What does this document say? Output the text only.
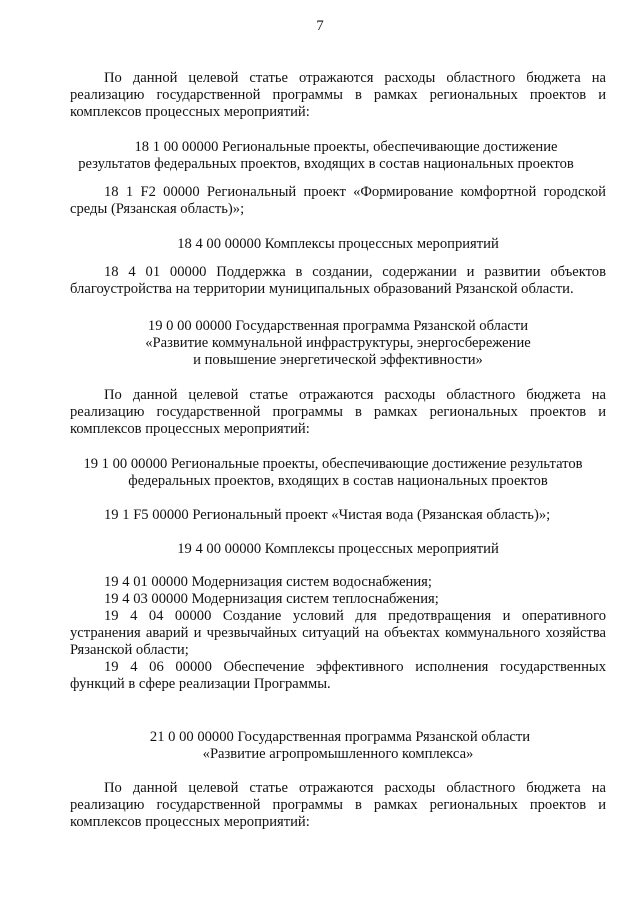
7

По данной целевой статье отражаются расходы областного бюджета на реализацию государственной программы в рамках региональных проектов и комплексов процессных мероприятий:

18 1 00 00000 Региональные проекты, обеспечивающие достижение
результатов федеральных проектов, входящих в состав национальных проектов

18 1 F2 00000 Региональный проект «Формирование комфортной городской среды (Рязанская область)»;

18 4 00 00000 Комплексы процессных мероприятий

18 4 01 00000 Поддержка в создании, содержании и развитии объектов благоустройства на территории муниципальных образований Рязанской области.

19 0 00 00000 Государственная программа Рязанской области
«Развитие коммунальной инфраструктуры, энергосбережение
и повышение энергетической эффективности»

По данной целевой статье отражаются расходы областного бюджета на реализацию государственной программы в рамках региональных проектов и комплексов процессных мероприятий:

19 1 00 00000 Региональные проекты, обеспечивающие достижение результатов
федеральных проектов, входящих в состав национальных проектов

19 1 F5 00000 Региональный проект «Чистая вода (Рязанская область)»;

19 4 00 00000 Комплексы процессных мероприятий

19 4 01 00000 Модернизация систем водоснабжения;

19 4 03 00000 Модернизация систем теплоснабжения;

19 4 04 00000 Создание условий для предотвращения и оперативного устранения аварий и чрезвычайных ситуаций на объектах коммунального хозяйства Рязанской области;

19 4 06 00000 Обеспечение эффективного исполнения государственных функций в сфере реализации Программы.

21 0 00 00000 Государственная программа Рязанской области
«Развитие агропромышленного комплекса»

По данной целевой статье отражаются расходы областного бюджета на реализацию государственной программы в рамках региональных проектов и комплексов процессных мероприятий:
